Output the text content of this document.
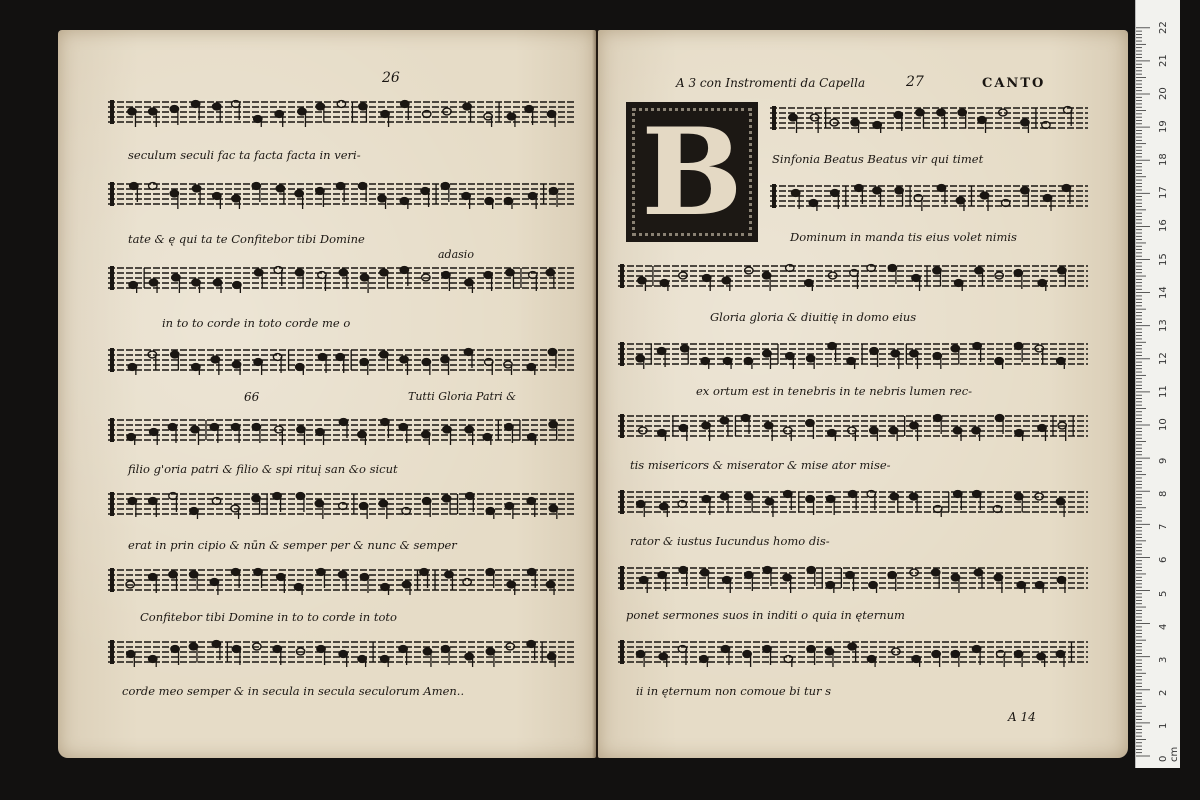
26
adasio
66	Tutti Gloria Patri &
seculum seculi fac ta facta facta in veri-
tate & ę qui ta te Confitebor tibi Domine
in to to corde in toto corde me o
filio g'oria patri & filio & spi rituį san &o sicut
erat in prin cipio & nūn & semper per & nunc & semper
Confitebor tibi Domine in to to corde in toto
corde meo semper & in secula in secula seculorum Amen..
A 3 con Instromenti da Capella	27	CANTO
B	Sinfonia Beatus Beatus vir qui timet
Dominum in manda tis eius volet nimis
Gloria gloria & diuitię in domo eius
ex ortum est in tenebris in te nebris lumen rec-
tis misericors & miserator & mise ator mise-
rator & iustus Iucundus homo dis-
ponet sermones suos in inditi o quia in ęternum
ii in ęternum non comoue bi tur s
A 14
0 cm
1
2
3
4
5
6
7
8
9
10
11
12
13
14
15
16
17
18
19
20
21
22
